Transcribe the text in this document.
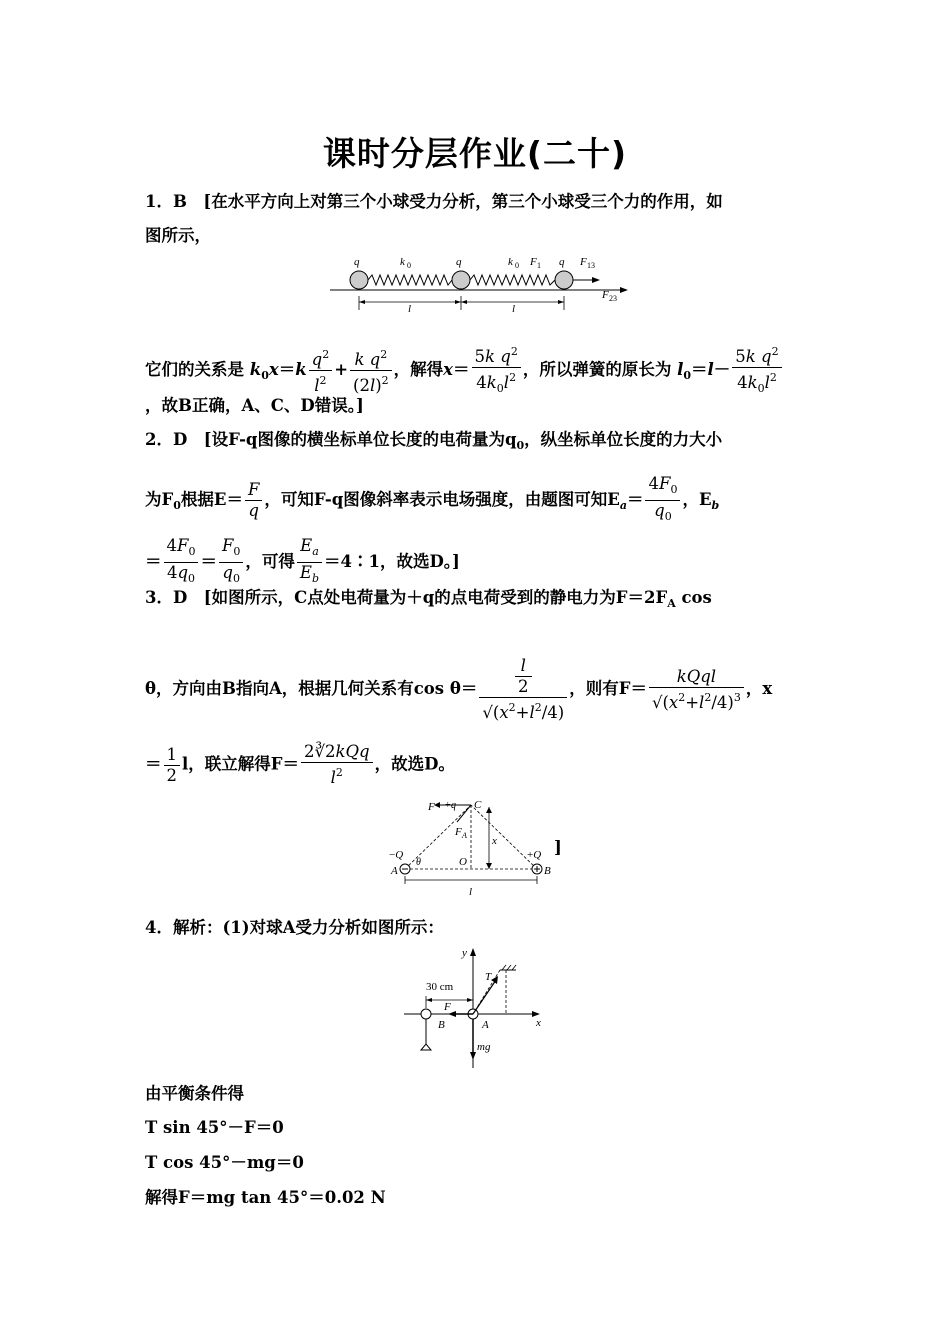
课时分层作业(二十)
1．B　[在水平方向上对第三个小球受力分析，第三个小球受三个力的作用，如
图所示，
q	k 0	q	k 0 F 1 q F 13
F 23
l	l
它们的关系是 $k_0x=k \frac{q^2}{l^2} + \frac{k q^2}{(2l)^2}$ ，解得$x= \frac{5k q^2}{4k_0l^2}$ ，所以弹簧的原长为 $l_0=l- \frac{5k q^2}{4k_0l^2}$
，故B正确，A、C、D错误。]
2．D　[设F-q图像的横坐标单位长度的电荷量为$q_0$，纵坐标单位长度的力大小
为$F_0$根据$E= \frac{F}{q}$ ，可知F-q图像斜率表示电场强度，由题图可知$E_a= \frac{4F_0}{q_0}$ ，$E_b$
＝ $\frac{4F_0}{4q_0} = \frac{F_0}{q_0}$ ，可得 $\frac{E_a}{E_b}$ ＝4∶1，故选D。]
3．D　[如图所示，C点处电荷量为＋q的点电荷受到的静电力为$F=2F_A$ cos
θ，方向由B指向A，根据几何关系有$\cos \theta= \frac{\frac{l}{2}}{√(x^2+l^2/4)}$ ，则有$F= \frac{\text{kQql}}{√(x^2+l^2/4)^3}$ ，x
＝ $\frac{1}{2}$ l，联立解得$F= \frac{\text{2∛2kQq}}{l^2}$ ，故选D。
F + q C
F A x
−Q
θ	O
+Q
A	B
l
]
4．解析：(1)对球A受力分析如图所示：
y
T
30 cm
F
B	A	x
mg
由平衡条件得
T sin 45°－F＝0
T cos 45°－mg＝0
解得F＝mg tan 45°＝0.02 N
